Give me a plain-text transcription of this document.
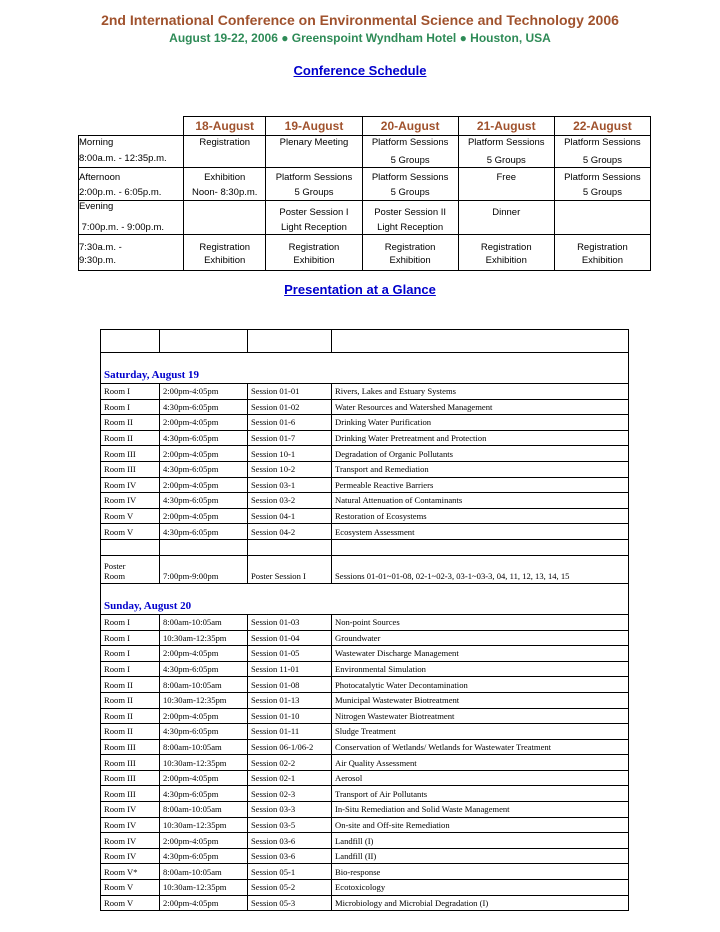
2nd International Conference on Environmental Science and Technology 2006
August 19-22, 2006 ● Greenspoint Wyndham Hotel ● Houston, USA
Conference Schedule
	18-August	19-August	20-August	21-August	22-August
Morning	Registration	Plenary Meeting	Platform Sessions	Platform Sessions	Platform Sessions
8:00a.m. - 12:35p.m.			5 Groups	5 Groups	5 Groups
Afternoon	Exhibition	Platform Sessions	Platform Sessions	Free	Platform Sessions
2:00p.m. - 6:05p.m.	Noon- 8:30p.m.	5 Groups	5 Groups		5 Groups
Evening		Poster Session I	Poster Session II	Dinner	
7:00p.m. - 9:00p.m.		Light Reception	Light Reception		
7:30a.m. -	Registration	Registration	Registration	Registration	Registration
9:30p.m.	Exhibition	Exhibition	Exhibition	Exhibition	Exhibition
Presentation at a Glance

Saturday, August 19			
Room I	2:00pm-4:05pm	Session 01-01	Rivers, Lakes and Estuary Systems
Room I	4:30pm-6:05pm	Session 01-02	Water Resources and Watershed Management
Room II	2:00pm-4:05pm	Session 01-6	Drinking Water Purification
Room II	4:30pm-6:05pm	Session 01-7	Drinking Water Pretreatment and Protection
Room III	2:00pm-4:05pm	Session 10-1	Degradation of Organic Pollutants
Room III	4:30pm-6:05pm	Session 10-2	Transport and Remediation
Room IV	2:00pm-4:05pm	Session 03-1	Permeable Reactive Barriers
Room IV	4:30pm-6:05pm	Session 03-2	Natural Attenuation of Contaminants
Room V	2:00pm-4:05pm	Session 04-1	Restoration of Ecosystems
Room V	4:30pm-6:05pm	Session 04-2	Ecosystem Assessment

Poster
Room	7:00pm-9:00pm	Poster Session I	Sessions 01-01~01-08, 02-1~02-3, 03-1~03-3, 04, 11, 12, 13, 14, 15
Sunday, August 20			
Room I	8:00am-10:05am	Session 01-03	Non-point Sources
Room I	10:30am-12:35pm	Session 01-04	Groundwater
Room I	2:00pm-4:05pm	Session 01-05	Wastewater Discharge Management
Room I	4:30pm-6:05pm	Session 11-01	Environmental Simulation
Room II	8:00am-10:05am	Session 01-08	Photocatalytic Water Decontamination
Room II	10:30am-12:35pm	Session 01-13	Municipal Wastewater Biotreatment
Room II	2:00pm-4:05pm	Session 01-10	Nitrogen Wastewater Biotreatment
Room II	4:30pm-6:05pm	Session 01-11	Sludge Treatment
Room III	8:00am-10:05am	Session 06-1/06-2	Conservation of Wetlands/ Wetlands for Wastewater Treatment
Room III	10:30am-12:35pm	Session 02-2	Air Quality Assessment
Room III	2:00pm-4:05pm	Session 02-1	Aerosol
Room III	4:30pm-6:05pm	Session 02-3	Transport of Air Pollutants
Room IV	8:00am-10:05am	Session 03-3	In-Situ Remediation and Solid Waste Management
Room IV	10:30am-12:35pm	Session 03-5	On-site and Off-site Remediation
Room IV	2:00pm-4:05pm	Session 03-6	Landfill (I)
Room IV	4:30pm-6:05pm	Session 03-6	Landfill (II)
Room V*	8:00am-10:05am	Session 05-1	Bio-response
Room V	10:30am-12:35pm	Session 05-2	Ecotoxicology
Room V	2:00pm-4:05pm	Session 05-3	Microbiology and Microbial Degradation (I)
